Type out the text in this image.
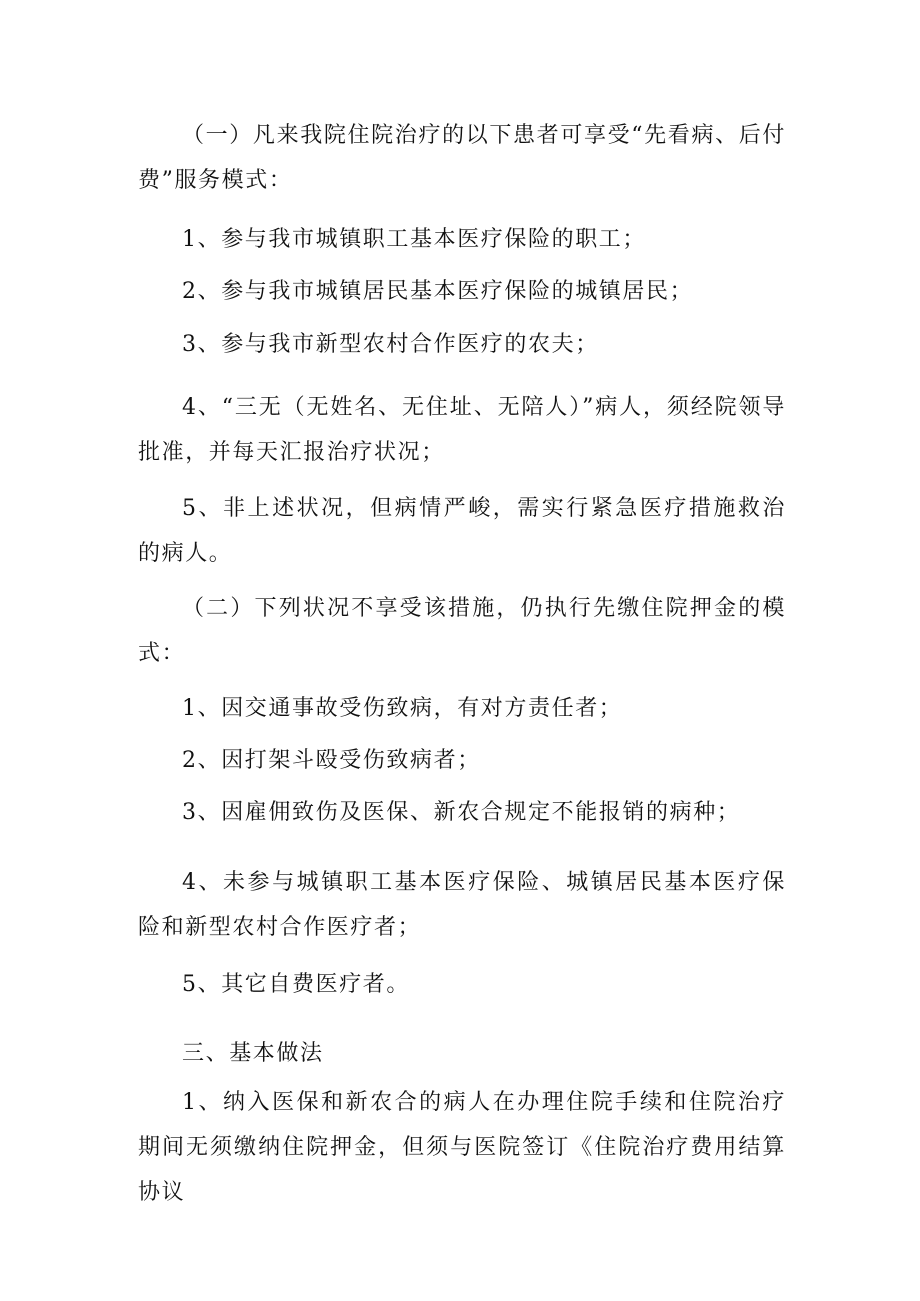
（一）凡来我院住院治疗的以下患者可享受“先看病、后付费”服务模式：

1、参与我市城镇职工基本医疗保险的职工；

2、参与我市城镇居民基本医疗保险的城镇居民；

3、参与我市新型农村合作医疗的农夫；

4、“三无（无姓名、无住址、无陪人）”病人，须经院领导批准，并每天汇报治疗状况；

5、非上述状况，但病情严峻，需实行紧急医疗措施救治的病人。

（二）下列状况不享受该措施，仍执行先缴住院押金的模式：

1、因交通事故受伤致病，有对方责任者；

2、因打架斗殴受伤致病者；

3、因雇佣致伤及医保、新农合规定不能报销的病种；

4、未参与城镇职工基本医疗保险、城镇居民基本医疗保险和新型农村合作医疗者；

5、其它自费医疗者。

三、基本做法

1、纳入医保和新农合的病人在办理住院手续和住院治疗期间无须缴纳住院押金，但须与医院签订《住院治疗费用结算协议
